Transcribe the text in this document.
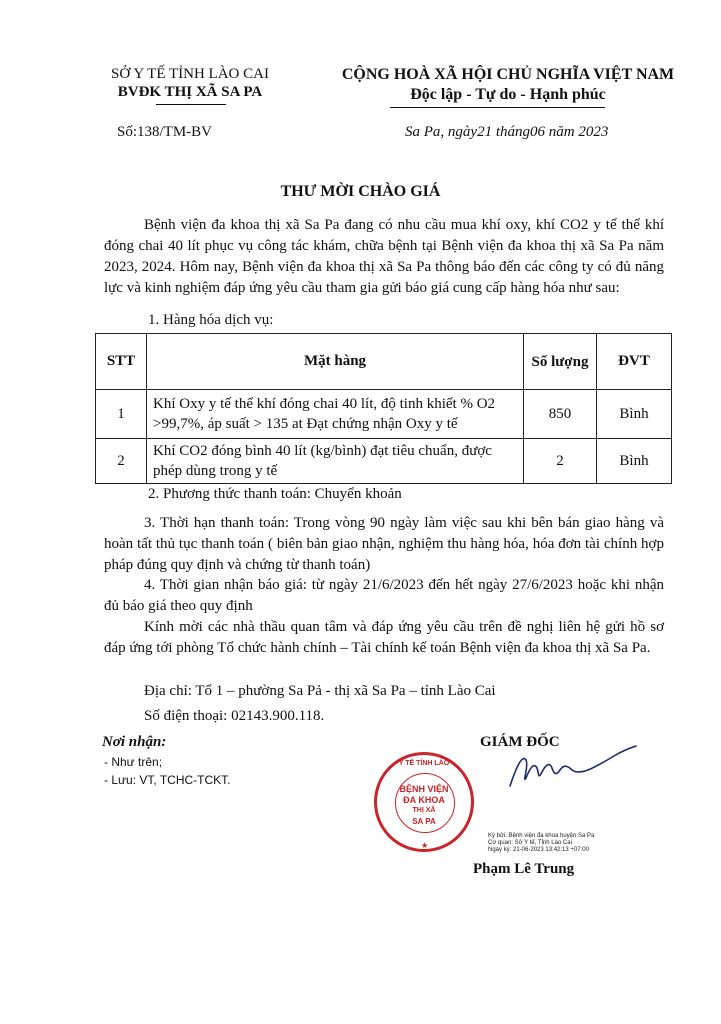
SỞ Y TẾ TỈNH LÀO CAI
BVĐK THỊ XÃ SA PA
Số:138/TM-BV
CỘNG HOÀ XÃ HỘI CHỦ NGHĨA VIỆT NAM
Độc lập - Tự do - Hạnh phúc
Sa Pa, ngày21 tháng06 năm 2023
THƯ MỜI CHÀO GIÁ
Bệnh viện đa khoa thị xã Sa Pa đang có nhu cầu mua khí oxy, khí CO2 y tế thể khí đóng chai 40 lít phục vụ công tác khám, chữa bệnh tại Bệnh viện đa khoa thị xã Sa Pa năm 2023, 2024. Hôm nay, Bệnh viện đa khoa thị xã Sa Pa thông báo đến các công ty có đủ năng lực và kinh nghiệm đáp ứng yêu cầu tham gia gửi báo giá cung cấp hàng hóa như sau:
1. Hàng hóa dịch vụ:
STT	Mặt hàng	Số lượng	ĐVT
1	Khí Oxy y tế thể khí đóng chai 40 lít, độ tinh khiết % O2 >99,7%, áp suất > 135 at Đạt chứng nhận Oxy y tế	850	Bình
2	Khí CO2 đóng bình 40 lít (kg/bình) đạt tiêu chuẩn, được phép dùng trong y tế	2	Bình
2. Phương thức thanh toán: Chuyển khoản
3. Thời hạn thanh toán: Trong vòng 90 ngày làm việc sau khi bên bán giao hàng và hoàn tất thủ tục thanh toán ( biên bản giao nhận, nghiệm thu hàng hóa, hóa đơn tài chính hợp pháp đúng quy định và chứng từ thanh toán)
4. Thời gian nhận báo giá: từ ngày 21/6/2023 đến hết ngày 27/6/2023 hoặc khi nhận đủ báo giá theo quy định
Kính mời các nhà thầu quan tâm và đáp ứng yêu cầu trên đề nghị liên hệ gửi hồ sơ đáp ứng tới phòng Tổ chức hành chính – Tài chính kế toán Bệnh viện đa khoa thị xã Sa Pa.
Địa chỉ: Tổ 1 – phường Sa Pả - thị xã Sa Pa – tỉnh Lào Cai
Số điện thoại: 02143.900.118.
Nơi nhận:
- Như trên;
- Lưu: VT, TCHC-TCKT.
GIÁM ĐỐC
Y TẾ TỈNH LÀO
BỆNH VIỆN
ĐA KHOA
THỊ XÃ
SA PA
★
Ký bởi: Bệnh viện đa khoa huyện Sa Pa
Cơ quan: Sở Y tế, Tỉnh Lào Cai
Ngày ký: 21-06-2023 13:42:13 +07:00
Phạm Lê Trung
